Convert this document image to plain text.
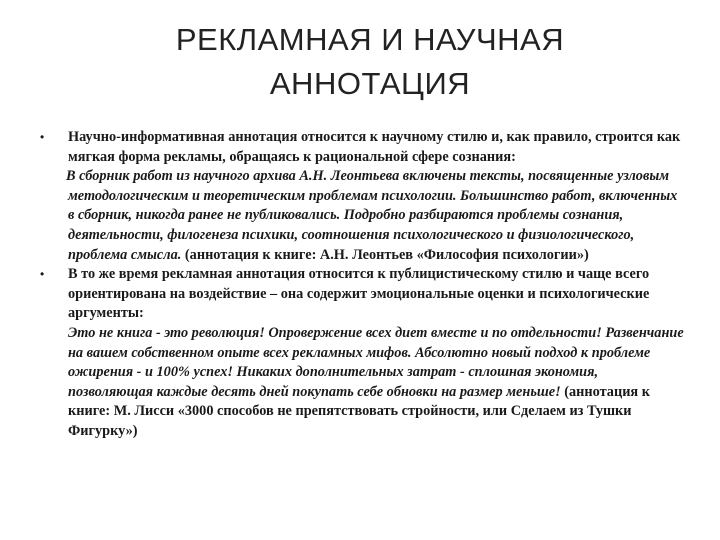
РЕКЛАМНАЯ И НАУЧНАЯ
АННОТАЦИЯ
• Научно-информативная аннотация относится к научному стилю и, как правило, строится как мягкая форма рекламы, обращаясь к рациональной сфере сознания:

В сборник работ из научного архива А.Н. Леонтьева включены тексты, посвященные узловым методологическим и теоретическим проблемам психологии. Большинство работ, включенных в сборник, никогда ранее не публиковались. Подробно разбираются проблемы сознания, деятельности, филогенеза психики, соотношения психологического и физиологического, проблема смысла. (аннотация к книге: А.Н. Леонтьев «Философия психологии»)

• В то же время рекламная аннотация относится к публицистическому стилю и чаще всего ориентирована на воздействие – она содержит эмоциональные оценки и психологические аргументы:

Это не книга - это революция! Опровержение всех диет вместе и по отдельности! Развенчание на вашем собственном опыте всех рекламных мифов. Абсолютно новый подход к проблеме ожирения - и 100% успех! Никаких дополнительных затрат - сплошная экономия, позволяющая каждые десять дней покупать себе обновки на размер меньше! (аннотация к книге: М. Лисси «3000 способов не препятствовать стройности, или Сделаем из Тушки Фигурку»)
